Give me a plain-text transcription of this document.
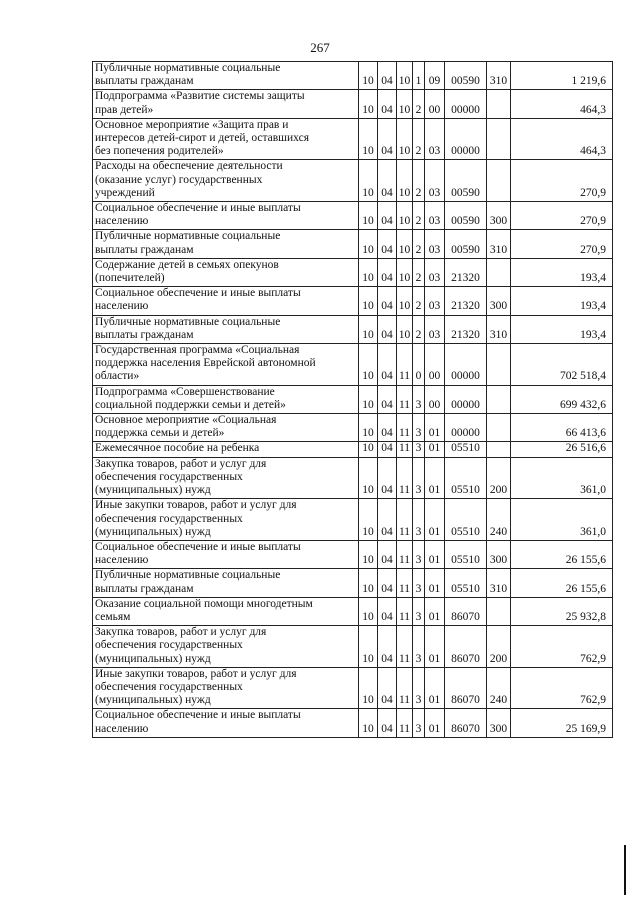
267
Публичные нормативные социальные
выплаты гражданам	10	04	10	1	09	00590	310	1 219,6

Подпрограмма «Развитие системы защиты
прав детей»	10	04	10	2	00	00000		464,3

Основное мероприятие «Защита прав и
интересов детей-сирот и детей, оставшихся
без попечения родителей»	10	04	10	2	03	00000		464,3

Расходы на обеспечение деятельности
(оказание услуг) государственных
учреждений	10	04	10	2	03	00590		270,9

Социальное обеспечение и иные выплаты
населению	10	04	10	2	03	00590	300	270,9

Публичные нормативные социальные
выплаты гражданам	10	04	10	2	03	00590	310	270,9

Содержание детей в семьях опекунов
(попечителей)	10	04	10	2	03	21320		193,4

Социальное обеспечение и иные выплаты
населению	10	04	10	2	03	21320	300	193,4

Публичные нормативные социальные
выплаты гражданам	10	04	10	2	03	21320	310	193,4

Государственная программа «Социальная
поддержка населения Еврейской автономной
области»	10	04	11	0	00	00000		702 518,4

Подпрограмма «Совершенствование
социальной поддержки семьи и детей»	10	04	11	3	00	00000		699 432,6

Основное мероприятие «Социальная
поддержка семьи и детей»	10	04	11	3	01	00000		66 413,6

Ежемесячное пособие на ребенка	10	04	11	3	01	05510		26 516,6

Закупка товаров, работ и услуг для
обеспечения государственных
(муниципальных) нужд	10	04	11	3	01	05510	200	361,0

Иные закупки товаров, работ и услуг для
обеспечения государственных
(муниципальных) нужд	10	04	11	3	01	05510	240	361,0

Социальное обеспечение и иные выплаты
населению	10	04	11	3	01	05510	300	26 155,6

Публичные нормативные социальные
выплаты гражданам	10	04	11	3	01	05510	310	26 155,6

Оказание социальной помощи многодетным
семьям	10	04	11	3	01	86070		25 932,8

Закупка товаров, работ и услуг для
обеспечения государственных
(муниципальных) нужд	10	04	11	3	01	86070	200	762,9

Иные закупки товаров, работ и услуг для
обеспечения государственных
(муниципальных) нужд	10	04	11	3	01	86070	240	762,9

Социальное обеспечение и иные выплаты
населению	10	04	11	3	01	86070	300	25 169,9
